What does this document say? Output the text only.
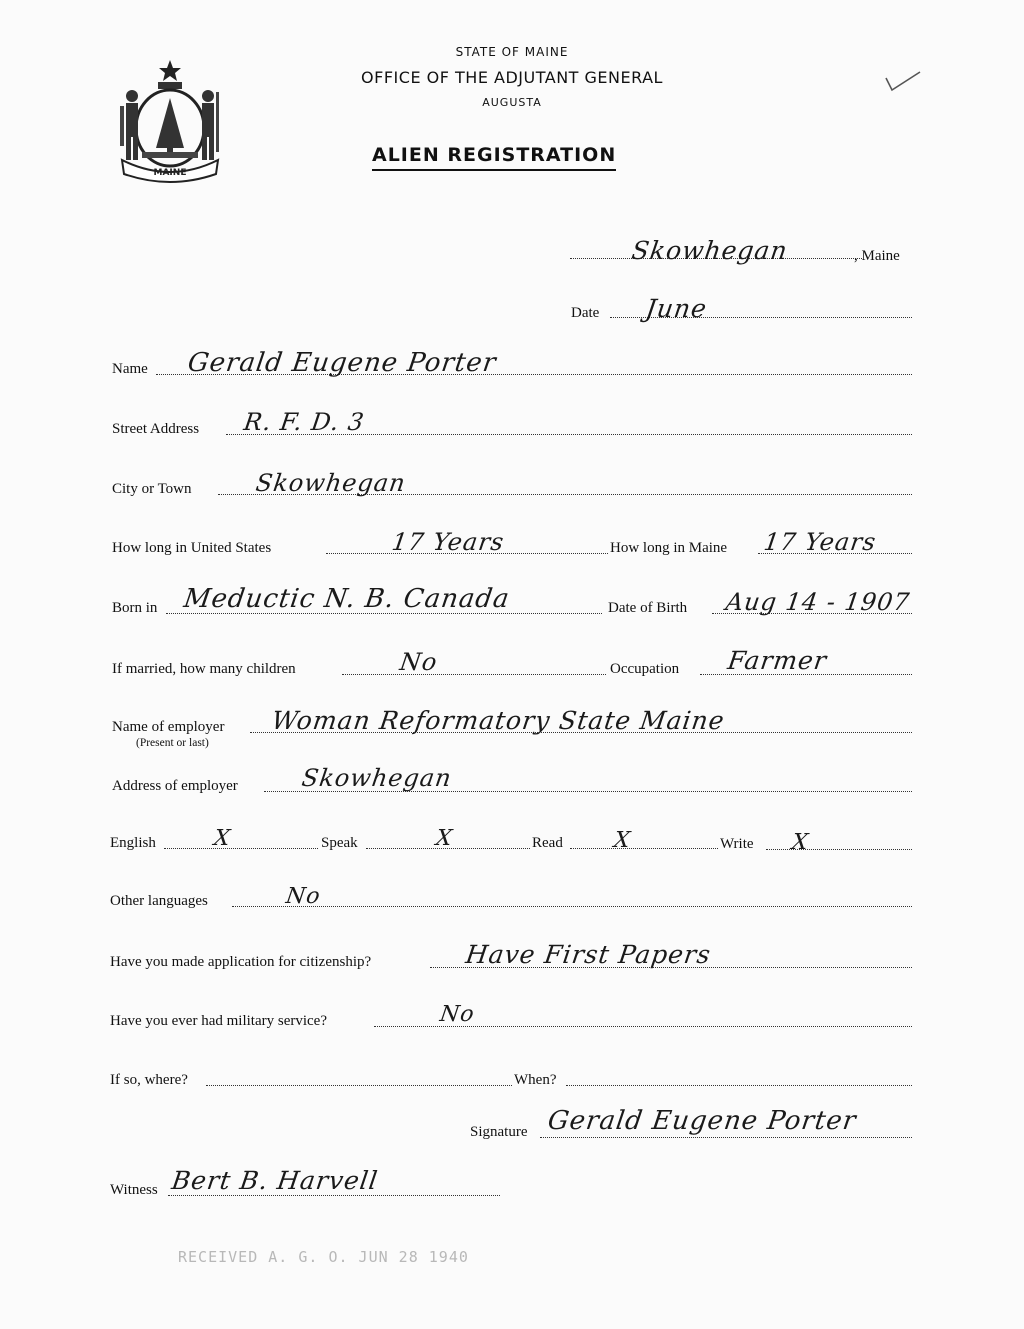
MAINE
STATE OF MAINE
OFFICE OF THE ADJUTANT GENERAL
AUGUSTA
ALIEN REGISTRATION
Skowhegan	, Maine
Date June
Name Gerald Eugene Porter
Street Address R. F. D. 3
City or Town	Skowhegan
How long in United States	17 Years	How long in Maine 17 Years
Born in Meductic N. B. Canada	Date of Birth Aug 14 - 1907
If married, how many children	No	Occupation Farmer
Name of employer
(Present or last)
Woman Reformatory State Maine
Address of employer	Skowhegan
English	X	Speak	X	Read X	Write X
Other languages	No
Have you made application for citizenship?	Have First Papers
Have you ever had military service?	No
If so, where?	When?
Signature Gerald Eugene Porter
Witness Bert B. Harvell
RECEIVED A. G. O. JUN 28 1940
